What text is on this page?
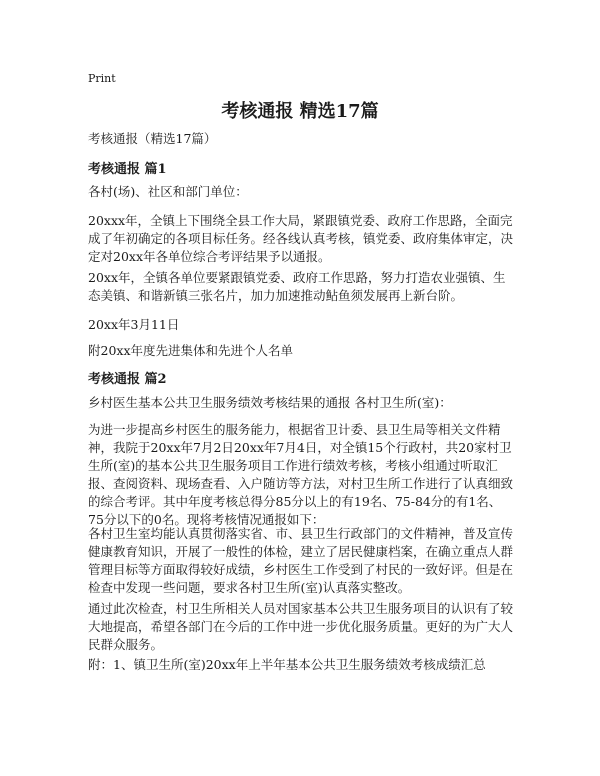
Print
考核通报 精选17篇
考核通报（精选17篇）
考核通报 篇1
各村(场)、社区和部门单位：
20xxx年，全镇上下围绕全县工作大局，紧跟镇党委、政府工作思路，全面完成了年初确定的各项目标任务。经各线认真考核，镇党委、政府集体审定，决定对20xx年各单位综合考评结果予以通报。
20xx年，全镇各单位要紧跟镇党委、政府工作思路，努力打造农业强镇、生态美镇、和谐新镇三张名片，加力加速推动鲇鱼须发展再上新台阶。
20xx年3月11日
附20xx年度先进集体和先进个人名单
考核通报 篇2
乡村医生基本公共卫生服务绩效考核结果的通报 各村卫生所(室)：
为进一步提高乡村医生的服务能力，根据省卫计委、县卫生局等相关文件精神，我院于20xx年7月2日20xx年7月4日，对全镇15个行政村，共20家村卫生所(室)的基本公共卫生服务项目工作进行绩效考核，考核小组通过听取汇报、查阅资料、现场查看、入户随访等方法，对村卫生所工作进行了认真细致的综合考评。其中年度考核总得分85分以上的有19名、75-84分的有1名、75分以下的0名。现将考核情况通报如下：
各村卫生室均能认真贯彻落实省、市、县卫生行政部门的文件精神，普及宣传健康教育知识，开展了一般性的体检，建立了居民健康档案，在确立重点人群管理目标等方面取得较好成绩，乡村医生工作受到了村民的一致好评。但是在检查中发现一些问题，要求各村卫生所(室)认真落实整改。
通过此次检查，村卫生所相关人员对国家基本公共卫生服务项目的认识有了较大地提高，希望各部门在今后的工作中进一步优化服务质量。更好的为广大人民群众服务。
附：1、镇卫生所(室)20xx年上半年基本公共卫生服务绩效考核成绩汇总
